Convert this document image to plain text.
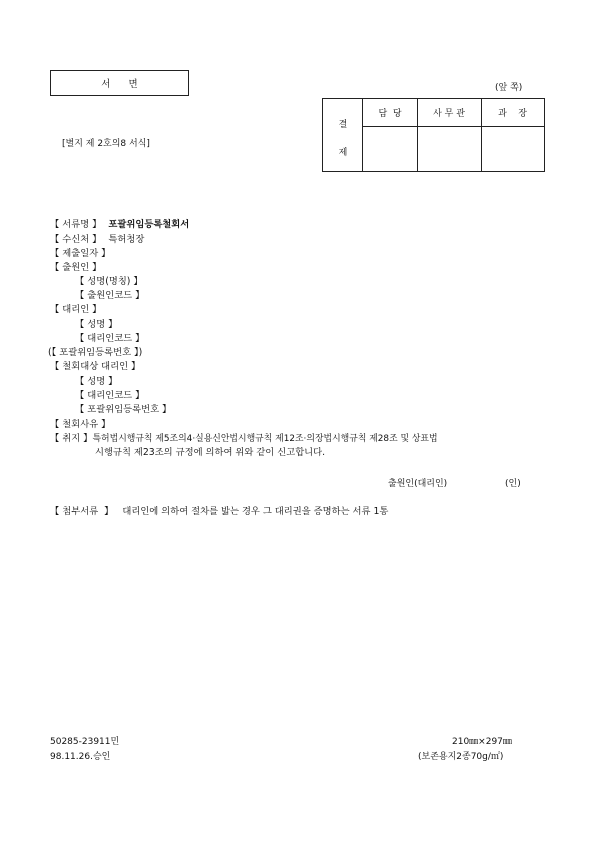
서      면	(앞 쪽)
[별지 제 2호의8 서식]
결
제
담  당	사 무 관	과    장
【 서류명 】 포괄위임등록철회서
【 수신처 】 특허청장
【 제출일자 】
【 출원인 】
【 성명(명칭) 】
【 출원인코드 】
【 대리인 】
【 성명 】
【 대리인코드 】
(【 포괄위임등록번호 】)
【 철회대상 대리인 】
【 성명 】
【 대리인코드 】
【 포괄위임등록번호 】
【 철회사유 】
【 취지 】특허법시행규칙 제5조의4·실용신안법시행규칙 제12조·의장법시행규칙 제28조 및 상표법
시행규칙 제23조의 규정에 의하여 위와 같이 신고합니다.
출원인(대리인)	(인)
【 첨부서류  】 대리인에 의하여 절차를 밟는 경우 그 대리권을 증명하는 서류 1통
50285-23911민
98.11.26.승인
210㎜×297㎜
(보존용지2종70g/㎡)
